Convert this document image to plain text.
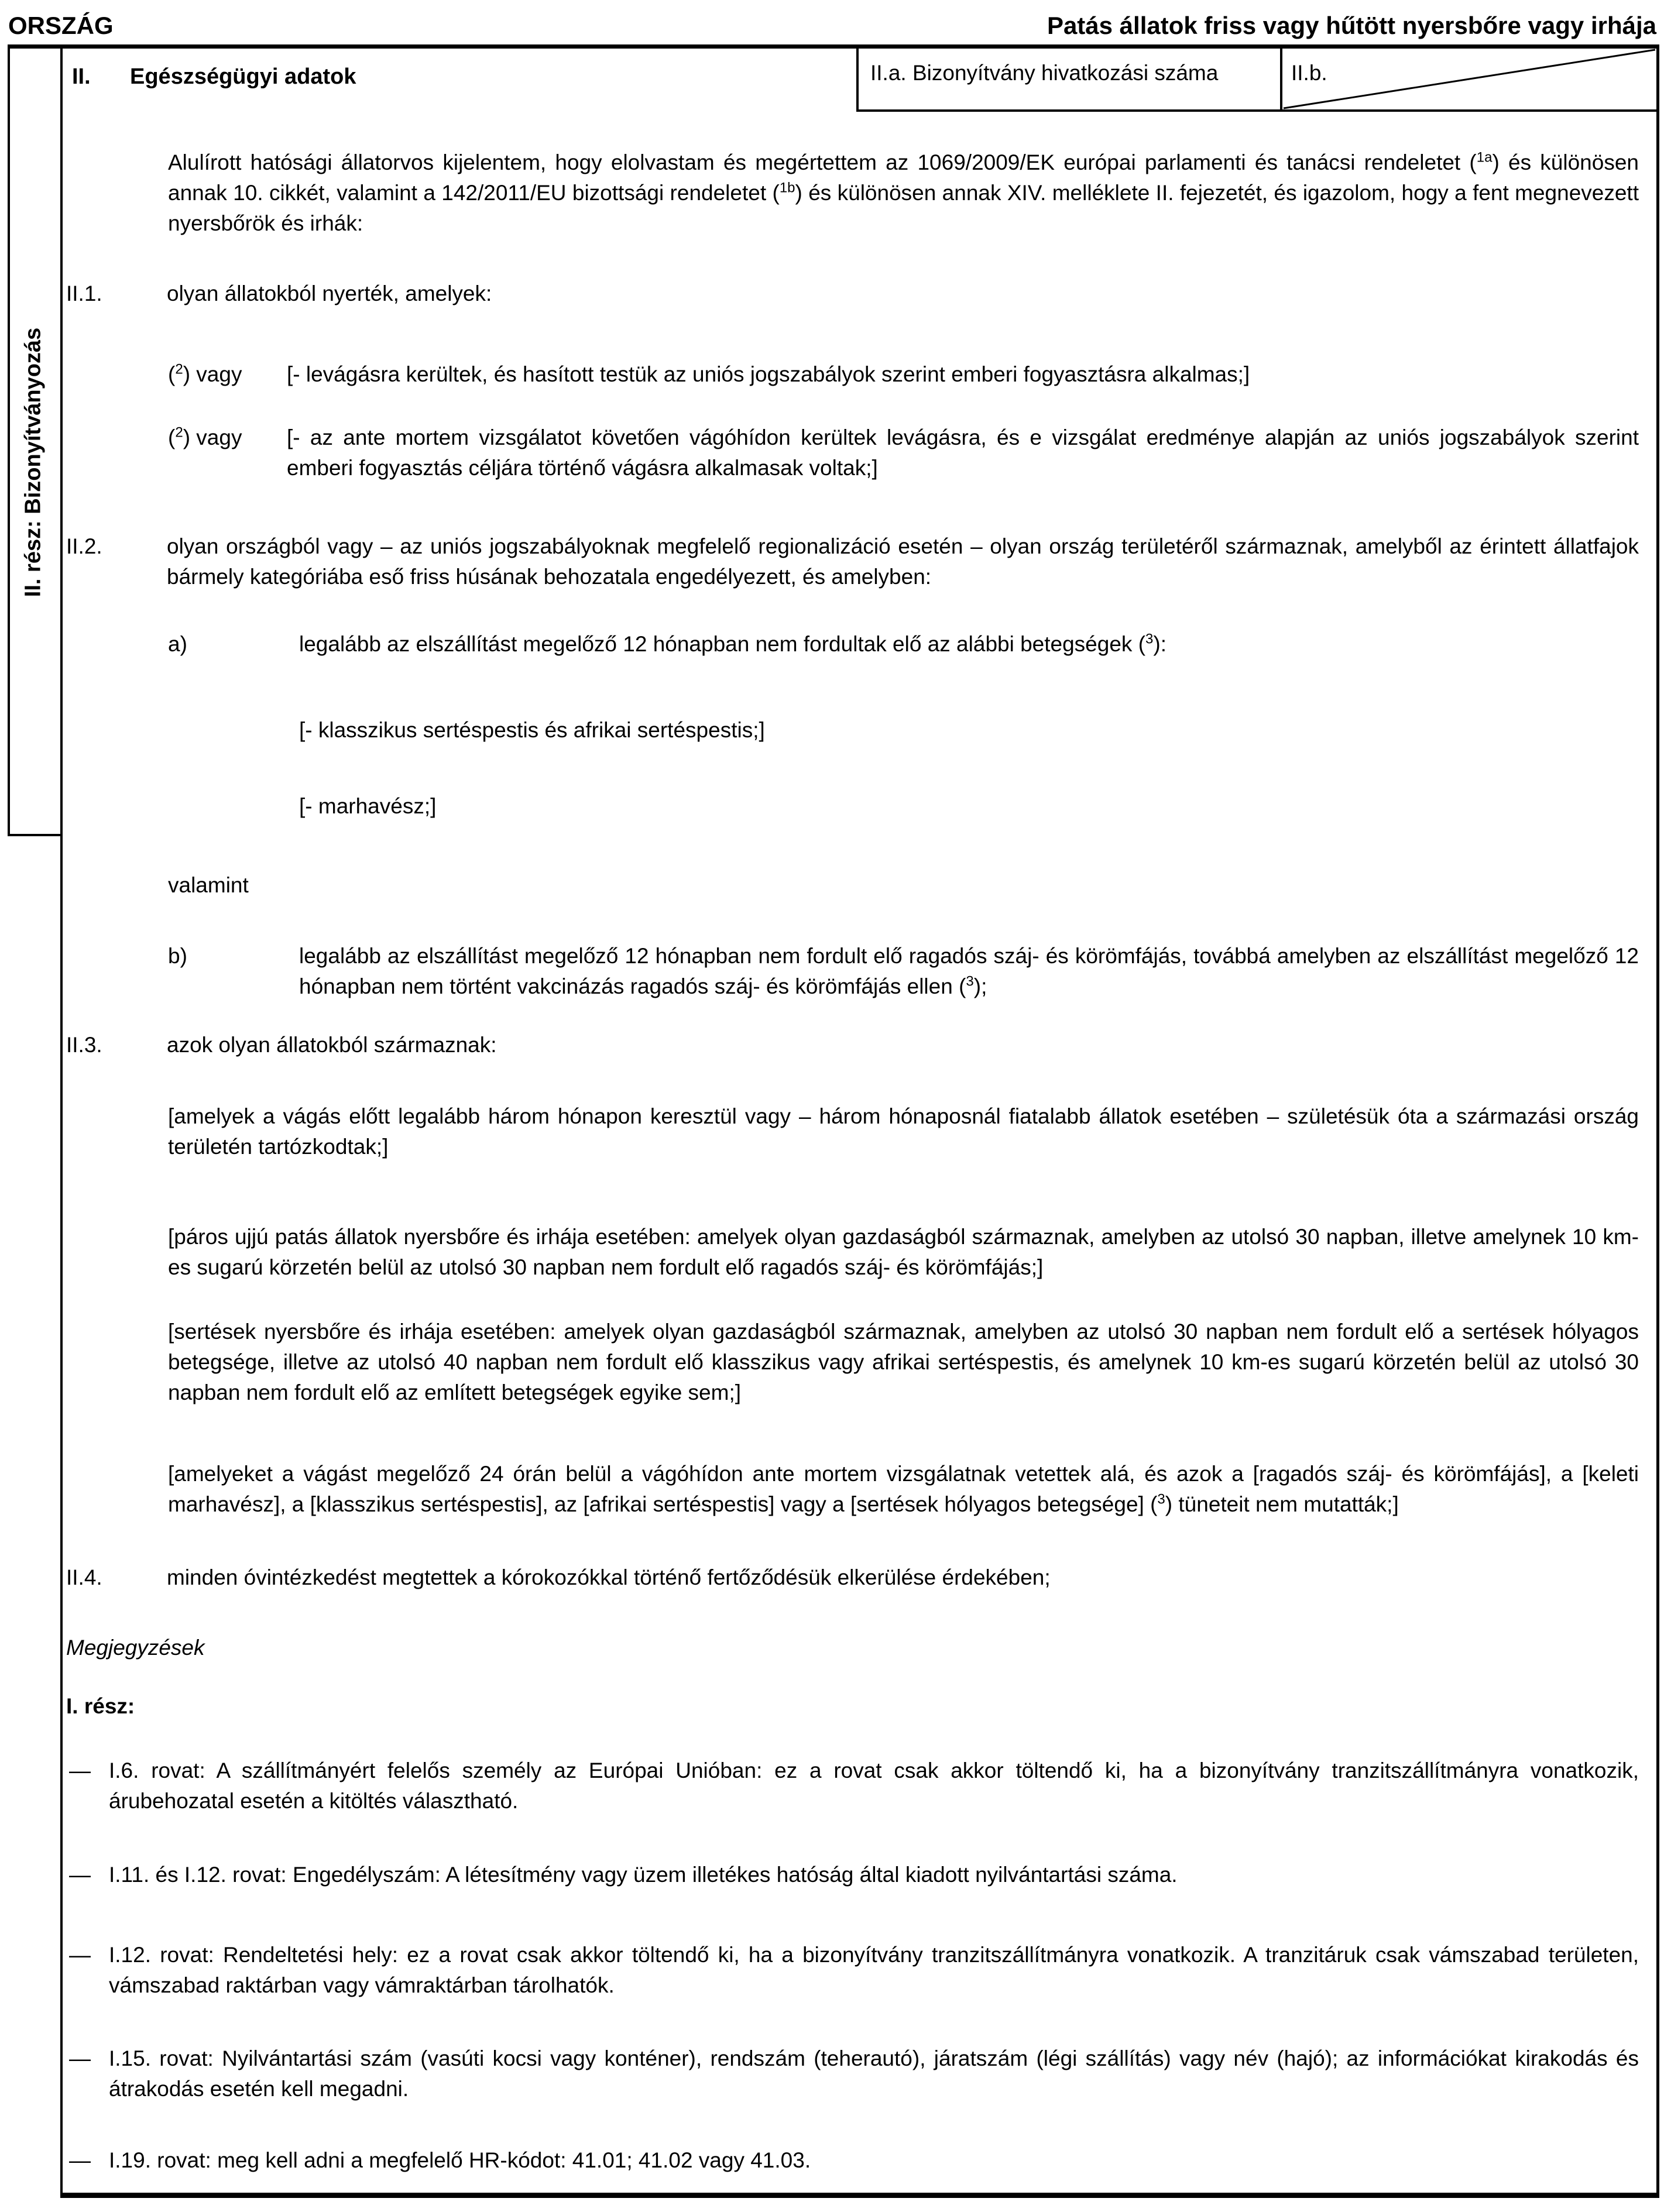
ORSZÁG	Patás állatok friss vagy hűtött nyersbőre vagy irhája
II. rész: Bizonyítványozás
II. Egészségügyi adatok	II.a. Bizonyítvány hivatkozási száma	II.b.
Alulírott hatósági állatorvos kijelentem, hogy elolvastam és megértettem az 1069/2009/EK európai parlamenti és tanácsi rendeletet ($^{1a}$) és különösen annak 10. cikkét, valamint a 142/2011/EU bizottsági rendeletet ($^{1b}$) és különösen annak XIV. melléklete II. fejezetét, és igazolom, hogy a fent megnevezett nyersbőrök és irhák:
II.1.	olyan állatokból nyerték, amelyek:
($^2$) vagy	[- levágásra kerültek, és hasított testük az uniós jogszabályok szerint emberi fogyasztásra alkalmas;]
($^2$) vagy	[- az ante mortem vizsgálatot követően vágóhídon kerültek levágásra, és e vizsgálat eredménye alapján az uniós jogszabályok szerint emberi fogyasztás céljára történő vágásra alkalmasak voltak;]
II.2.	olyan országból vagy – az uniós jogszabályoknak megfelelő regionalizáció esetén – olyan ország területéről származnak, amelyből az érintett állatfajok bármely kategóriába eső friss húsának behozatala engedélyezett, és amelyben:
a)	legalább az elszállítást megelőző 12 hónapban nem fordultak elő az alábbi betegségek ($^3$):
[- klasszikus sertéspestis és afrikai sertéspestis;]
[- marhavész;]
valamint
b)	legalább az elszállítást megelőző 12 hónapban nem fordult elő ragadós száj- és körömfájás, továbbá amelyben az elszállítást megelőző 12 hónapban nem történt vakcinázás ragadós száj- és körömfájás ellen ($^3$);
II.3.	azok olyan állatokból származnak:
[amelyek a vágás előtt legalább három hónapon keresztül vagy – három hónaposnál fiatalabb állatok esetében – születésük óta a származási ország területén tartózkodtak;]
[páros ujjú patás állatok nyersbőre és irhája esetében: amelyek olyan gazdaságból származnak, amelyben az utolsó 30 napban, illetve amelynek 10 km-es sugarú körzetén belül az utolsó 30 napban nem fordult elő ragadós száj- és körömfájás;]
[sertések nyersbőre és irhája esetében: amelyek olyan gazdaságból származnak, amelyben az utolsó 30 napban nem fordult elő a sertések hólyagos betegsége, illetve az utolsó 40 napban nem fordult elő klasszikus vagy afrikai sertéspestis, és amelynek 10 km-es sugarú körzetén belül az utolsó 30 napban nem fordult elő az említett betegségek egyike sem;]
[amelyeket a vágást megelőző 24 órán belül a vágóhídon ante mortem vizsgálatnak vetettek alá, és azok a [ragadós száj- és körömfájás], a [keleti marhavész], a [klasszikus sertéspestis], az [afrikai sertéspestis] vagy a [sertések hólyagos betegsége] ($^3$) tüneteit nem mutatták;]
II.4.	minden óvintézkedést megtettek a kórokozókkal történő fertőződésük elkerülése érdekében;
Megjegyzések
I. rész:
— I.6. rovat: A szállítmányért felelős személy az Európai Unióban: ez a rovat csak akkor töltendő ki, ha a bizonyítvány tranzitszállítmányra vonatkozik, árubehozatal esetén a kitöltés választható.
— I.11. és I.12. rovat: Engedélyszám: A létesítmény vagy üzem illetékes hatóság által kiadott nyilvántartási száma.
— I.12. rovat: Rendeltetési hely: ez a rovat csak akkor töltendő ki, ha a bizonyítvány tranzitszállítmányra vonatkozik. A tranzitáruk csak vámszabad területen, vámszabad raktárban vagy vámraktárban tárolhatók.
— I.15. rovat: Nyilvántartási szám (vasúti kocsi vagy konténer), rendszám (teherautó), járatszám (légi szállítás) vagy név (hajó); az információkat kirakodás és átrakodás esetén kell megadni.
— I.19. rovat: meg kell adni a megfelelő HR-kódot: 41.01; 41.02 vagy 41.03.
